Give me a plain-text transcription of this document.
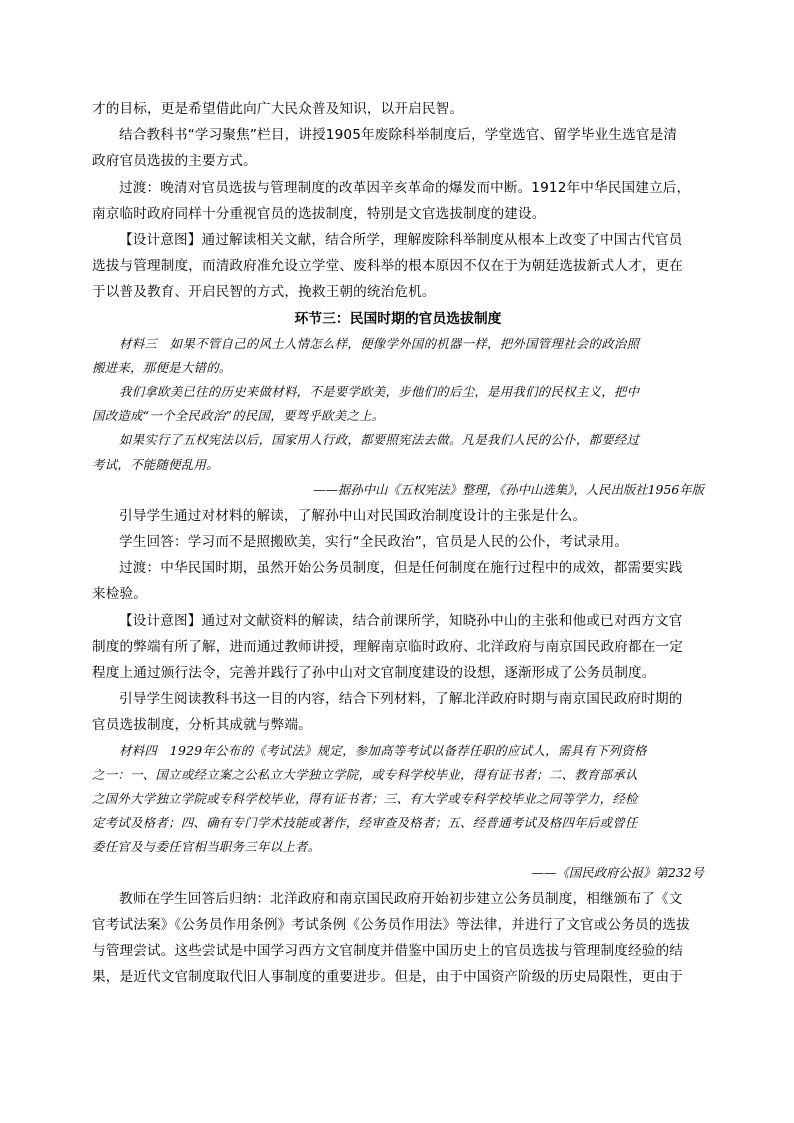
才的目标，更是希望借此向广大民众普及知识，以开启民智。
结合教科书“学习聚焦”栏目，讲授1905年废除科举制度后，学堂选官、留学毕业生选官是清
政府官员选拔的主要方式。
过渡：晚清对官员选拔与管理制度的改革因辛亥革命的爆发而中断。1912年中华民国建立后，
南京临时政府同样十分重视官员的选拔制度，特别是文官选拔制度的建设。
【设计意图】通过解读相关文献，结合所学，理解废除科举制度从根本上改变了中国古代官员
选拔与管理制度，而清政府准允设立学堂、废科举的根本原因不仅在于为朝廷选拔新式人才，更在
于以普及教育、开启民智的方式，挽救王朝的统治危机。
环节三：民国时期的官员选拔制度
材料三　如果不管自己的风土人情怎么样，便像学外国的机器一样，把外国管理社会的政治照
搬进来，那便是大错的。
我们拿欧美已往的历史来做材料，不是要学欧美，步他们的后尘，是用我们的民权主义，把中
国改造成“一个全民政治”的民国，要驾乎欧美之上。
如果实行了五权宪法以后，国家用人行政，都要照宪法去做。凡是我们人民的公仆，都要经过
考试，不能随便乱用。
——据孙中山《五权宪法》整理，《孙中山选集》，人民出版社1956年版
引导学生通过对材料的解读，了解孙中山对民国政治制度设计的主张是什么。
学生回答：学习而不是照搬欧美，实行“全民政治”，官员是人民的公仆，考试录用。
过渡：中华民国时期，虽然开始公务员制度，但是任何制度在施行过程中的成效，都需要实践
来检验。
【设计意图】通过对文献资料的解读，结合前课所学，知晓孙中山的主张和他或已对西方文官
制度的弊端有所了解，进而通过教师讲授，理解南京临时政府、北洋政府与南京国民政府都在一定
程度上通过颁行法令，完善并践行了孙中山对文官制度建设的设想，逐渐形成了公务员制度。
引导学生阅读教科书这一目的内容，结合下列材料，了解北洋政府时期与南京国民政府时期的
官员选拔制度，分析其成就与弊端。
材料四　1929年公布的《考试法》规定，参加高等考试以备荐任职的应试人，需具有下列资格
之一：一、国立或经立案之公私立大学独立学院，或专科学校毕业，得有证书者；二、教育部承认
之国外大学独立学院或专科学校毕业，得有证书者；三、有大学或专科学校毕业之同等学力，经检
定考试及格者；四、确有专门学术技能或著作，经审查及格者；五、经普通考试及格四年后或曾任
委任官及与委任官相当职务三年以上者。
——《国民政府公报》第232号
教师在学生回答后归纳：北洋政府和南京国民政府开始初步建立公务员制度，相继颁布了《文
官考试法案》《公务员作用条例》考试条例《公务员作用法》等法律，并进行了文官或公务员的选拔
与管理尝试。这些尝试是中国学习西方文官制度并借鉴中国历史上的官员选拔与管理制度经验的结
果，是近代文官制度取代旧人事制度的重要进步。但是，由于中国资产阶级的历史局限性，更由于
